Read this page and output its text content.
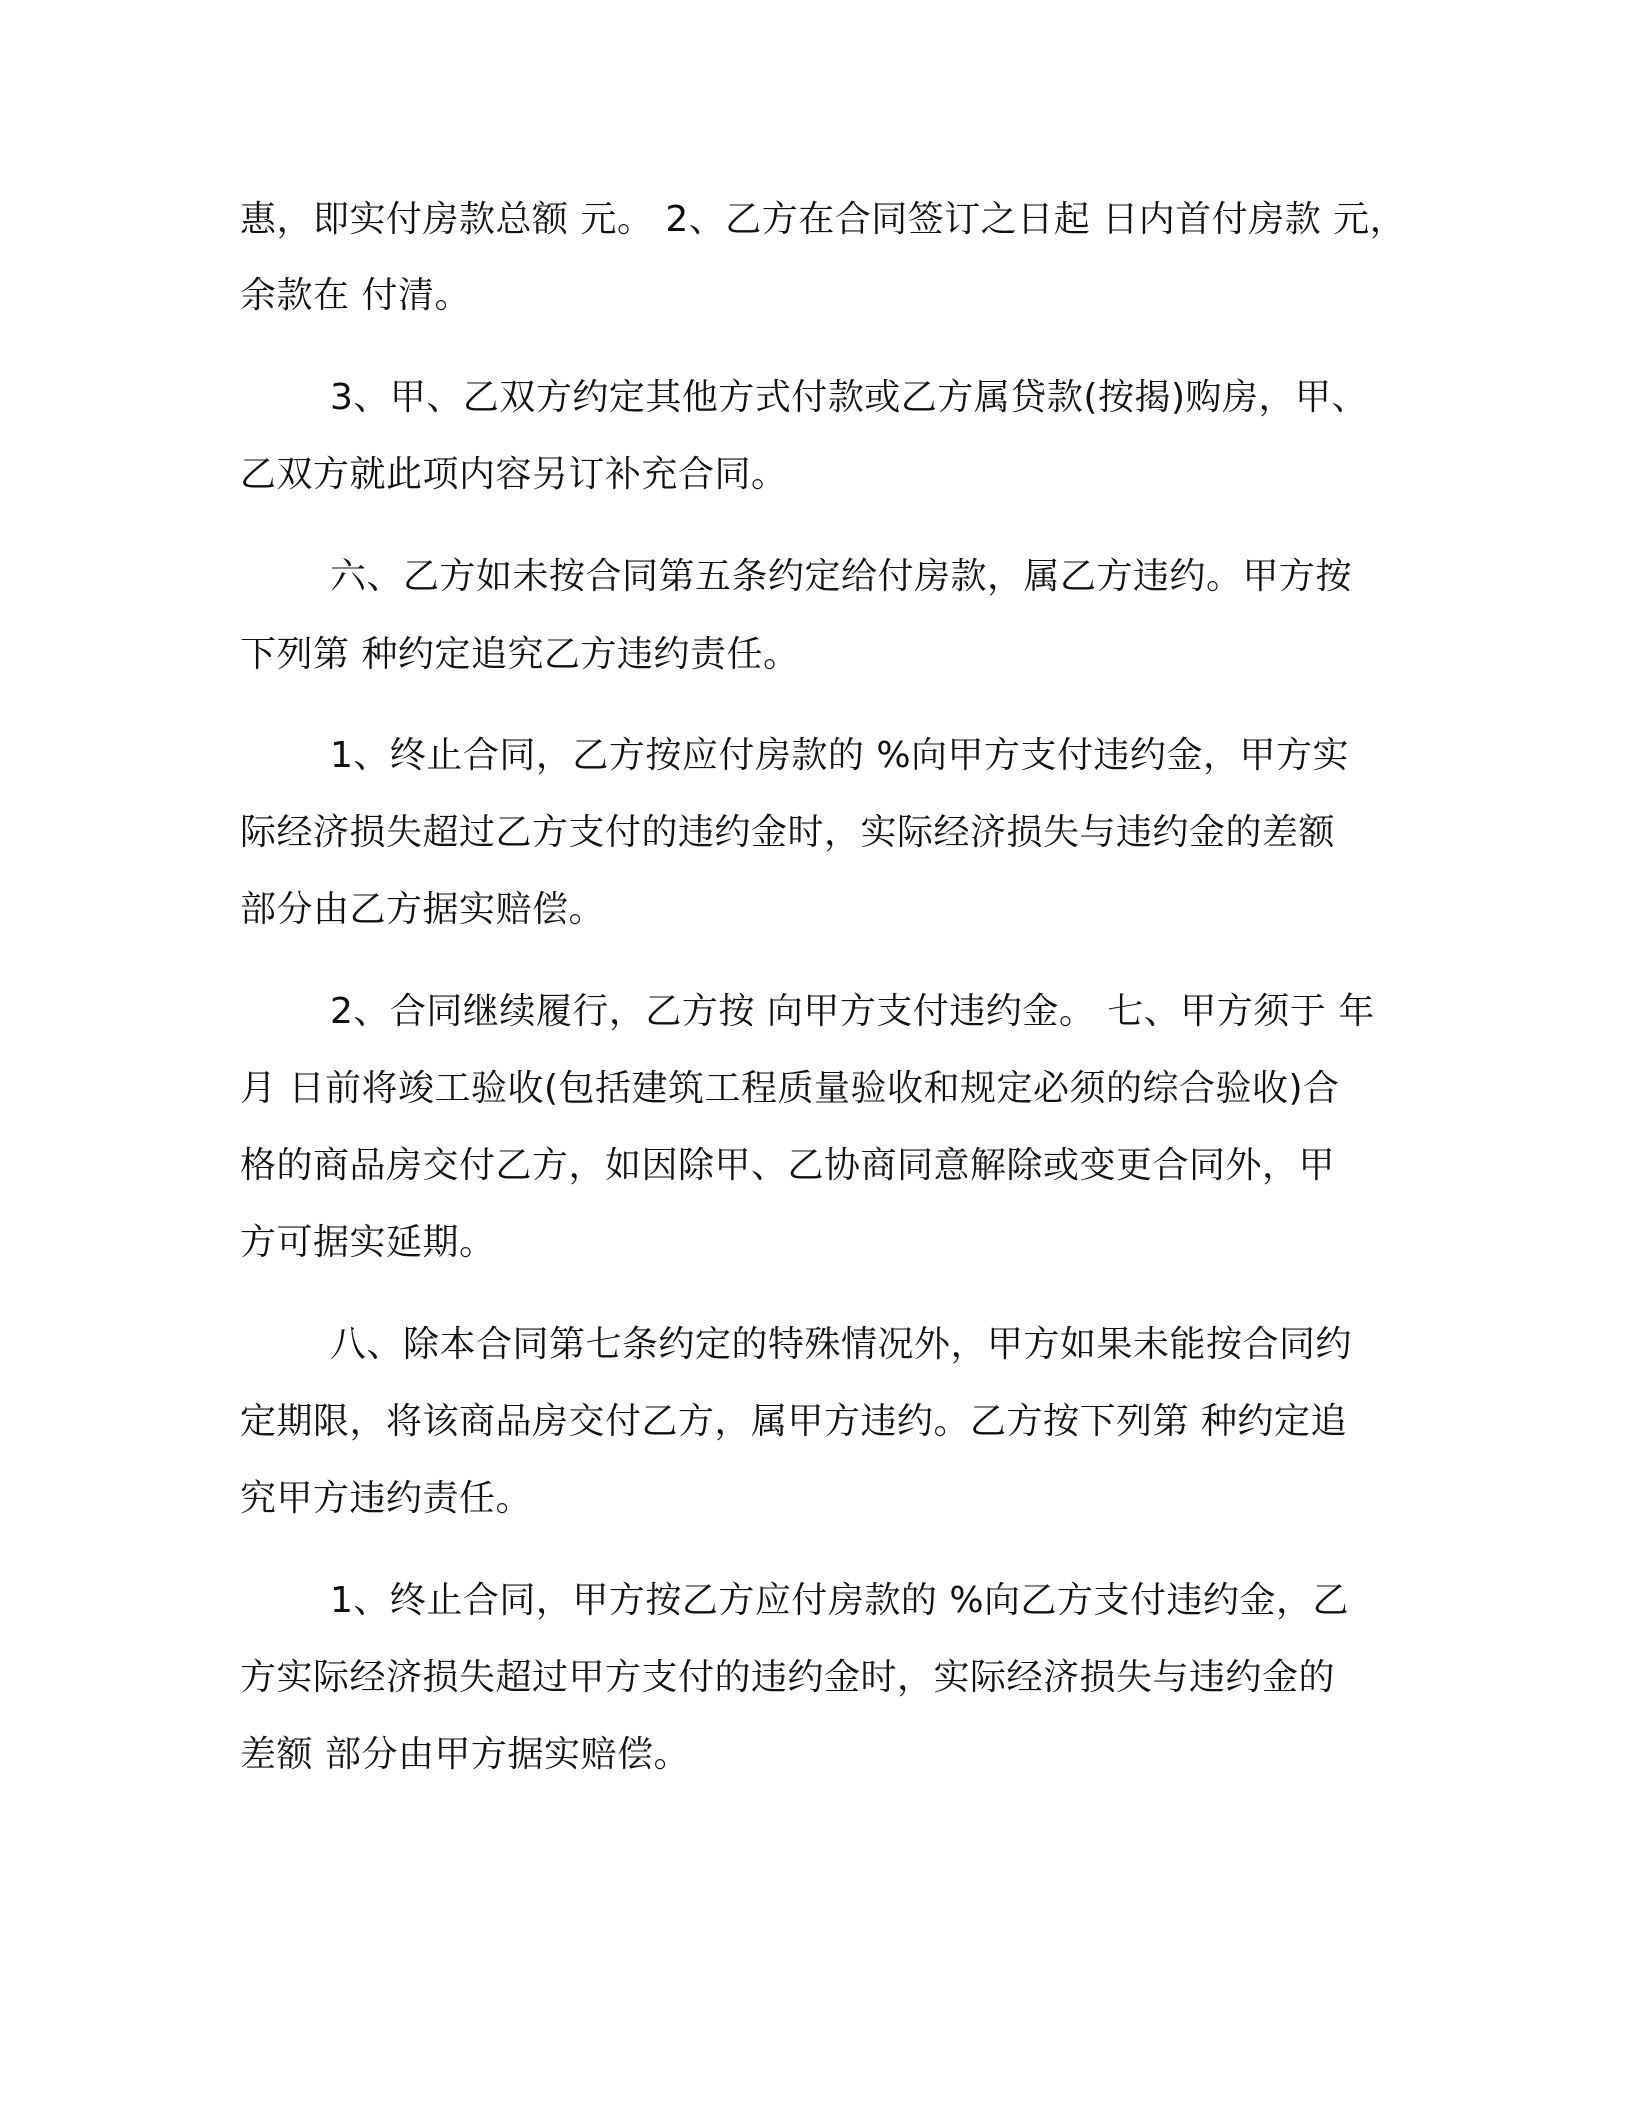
惠，即实付房款总额 元。 2、乙方在合同签订之日起 日内首付房款 元，
余款在 付清。
3、甲、乙双方约定其他方式付款或乙方属贷款(按揭)购房，甲、
乙双方就此项内容另订补充合同。
六、乙方如未按合同第五条约定给付房款，属乙方违约。甲方按
下列第 种约定追究乙方违约责任。
1、终止合同，乙方按应付房款的 %向甲方支付违约金，甲方实
际经济损失超过乙方支付的违约金时，实际经济损失与违约金的差额
部分由乙方据实赔偿。
2、合同继续履行，乙方按 向甲方支付违约金。 七、甲方须于 年
月 日前将竣工验收(包括建筑工程质量验收和规定必须的综合验收)合
格的商品房交付乙方，如因除甲、乙协商同意解除或变更合同外，甲
方可据实延期。
八、除本合同第七条约定的特殊情况外，甲方如果未能按合同约
定期限，将该商品房交付乙方，属甲方违约。乙方按下列第 种约定追
究甲方违约责任。
1、终止合同，甲方按乙方应付房款的 %向乙方支付违约金，乙
方实际经济损失超过甲方支付的违约金时，实际经济损失与违约金的
差额 部分由甲方据实赔偿。
